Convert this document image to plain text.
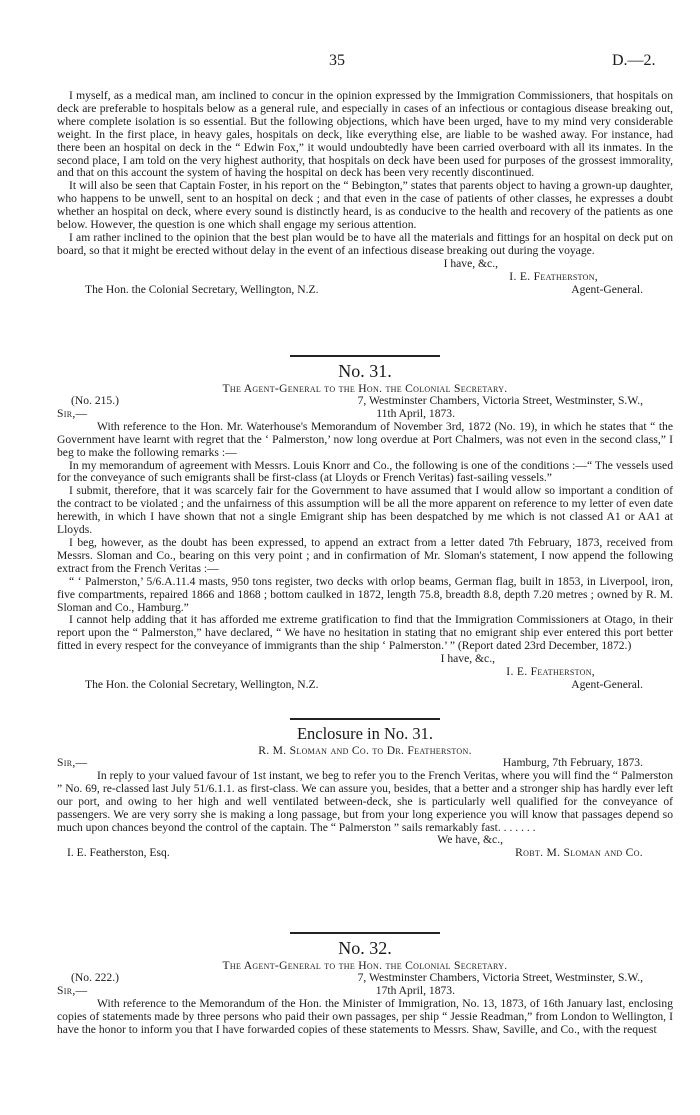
35	D.—2.

I myself, as a medical man, am inclined to concur in the opinion expressed by the Immigration Commissioners, that hospitals on deck are preferable to hospitals below as a general rule, and especially in cases of an infectious or contagious disease breaking out, where complete isolation is so essential. But the following objections, which have been urged, have to my mind very considerable weight. In the first place, in heavy gales, hospitals on deck, like everything else, are liable to be washed away. For instance, had there been an hospital on deck in the “ Edwin Fox,” it would undoubtedly have been carried overboard with all its inmates. In the second place, I am told on the very highest authority, that hospitals on deck have been used for purposes of the grossest immorality, and that on this account the system of having the hospital on deck has been very recently discontinued.

It will also be seen that Captain Foster, in his report on the “ Bebington,” states that parents object to having a grown-up daughter, who happens to be unwell, sent to an hospital on deck ; and that even in the case of patients of other classes, he expresses a doubt whether an hospital on deck, where every sound is distinctly heard, is as conducive to the health and recovery of the patients as one below. However, the question is one which shall engage my serious attention.

I am rather inclined to the opinion that the best plan would be to have all the materials and fittings for an hospital on deck put on board, so that it might be erected without delay in the event of an infectious disease breaking out during the voyage.

I have, &c.,
I. E. Featherston,
The Hon. the Colonial Secretary, Wellington, N.Z.	Agent-General.
No. 31.
The Agent-General to the Hon. the Colonial Secretary.
(No. 215.)	7, Westminster Chambers, Victoria Street, Westminster, S.W.,
Sir,—	11th April, 1873.

With reference to the Hon. Mr. Waterhouse's Memorandum of November 3rd, 1872 (No. 19), in which he states that “ the Government have learnt with regret that the ‘ Palmerston,’ now long overdue at Port Chalmers, was not even in the second class,” I beg to make the following remarks :—

In my memorandum of agreement with Messrs. Louis Knorr and Co., the following is one of the conditions :—“ The vessels used for the conveyance of such emigrants shall be first-class (at Lloyds or French Veritas) fast-sailing vessels.”

I submit, therefore, that it was scarcely fair for the Government to have assumed that I would allow so important a condition of the contract to be violated ; and the unfairness of this assumption will be all the more apparent on reference to my letter of even date herewith, in which I have shown that not a single Emigrant ship has been despatched by me which is not classed A1 or AA1 at Lloyds.

I beg, however, as the doubt has been expressed, to append an extract from a letter dated 7th February, 1873, received from Messrs. Sloman and Co., bearing on this very point ; and in confirmation of Mr. Sloman's statement, I now append the following extract from the French Veritas :—

“ ‘ Palmerston,’ 5/6.A.11.4 masts, 950 tons register, two decks with orlop beams, German flag, built in 1853, in Liverpool, iron, five compartments, repaired 1866 and 1868 ; bottom caulked in 1872, length 75.8, breadth 8.8, depth 7.20 metres ; owned by R. M. Sloman and Co., Hamburg.”

I cannot help adding that it has afforded me extreme gratification to find that the Immigration Commissioners at Otago, in their report upon the “ Palmerston,” have declared, “ We have no hesitation in stating that no emigrant ship ever entered this port better fitted in every respect for the conveyance of immigrants than the ship ‘ Palmerston.’ ” (Report dated 23rd December, 1872.)

I have, &c.,
I. E. Featherston,
The Hon. the Colonial Secretary, Wellington, N.Z.	Agent-General.
Enclosure in No. 31.
R. M. Sloman and Co. to Dr. Featherston.
Sir,—	Hamburg, 7th February, 1873.

In reply to your valued favour of 1st instant, we beg to refer you to the French Veritas, where you will find the “ Palmerston ” No. 69, re-classed last July 51/6.1.1. as first-class. We can assure you, besides, that a better and a stronger ship has hardly ever left our port, and owing to her high and well ventilated between-deck, she is particularly well qualified for the conveyance of passengers. We are very sorry she is making a long passage, but from your long experience you will know that passages depend so much upon chances beyond the control of the captain. The “ Palmerston ” sails remarkably fast. . . . . . .

We have, &c.,
I. E. Featherston, Esq.	Robt. M. Sloman and Co.
No. 32.
The Agent-General to the Hon. the Colonial Secretary.
(No. 222.)	7, Westminster Chambers, Victoria Street, Westminster, S.W.,
Sir,—	17th April, 1873.

With reference to the Memorandum of the Hon. the Minister of Immigration, No. 13, 1873, of 16th January last, enclosing copies of statements made by three persons who paid their own passages, per ship “ Jessie Readman,” from London to Wellington, I have the honor to inform you that I have forwarded copies of these statements to Messrs. Shaw, Saville, and Co., with the request
